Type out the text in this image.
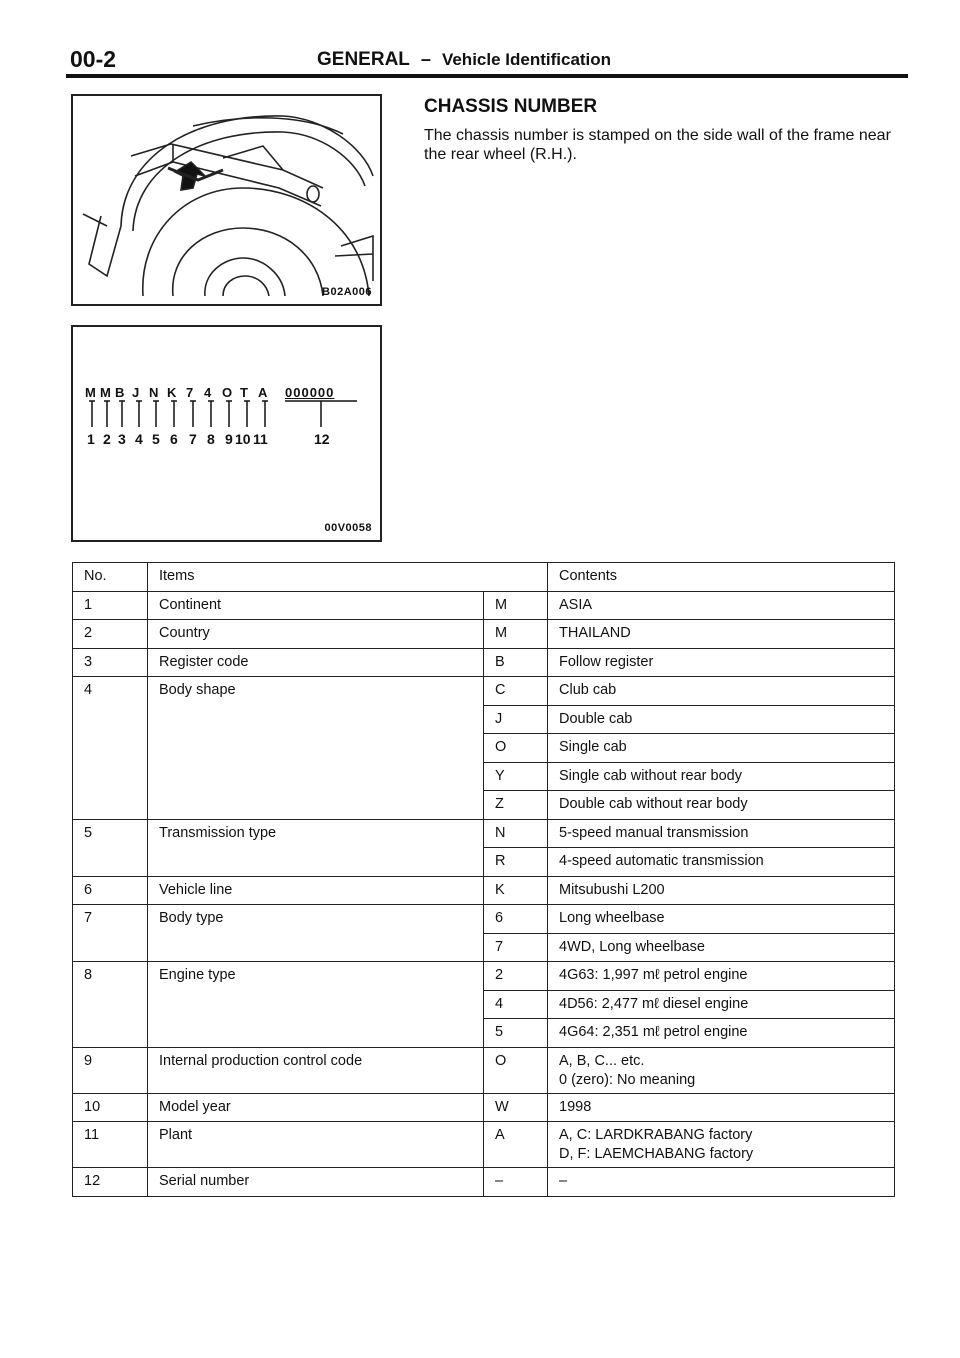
00-2	GENERAL – Vehicle Identification
B02A006
M M B J N K 7 4 O T A 000000
1 2 3 4 5 6 7 8 9 10 11	12
00V0058
CHASSIS NUMBER

The chassis number is stamped on the side wall of the frame near the rear wheel (R.H.).

No.	Items		Contents
1	Continent	M	ASIA
2	Country	M	THAILAND
3	Register code	B	Follow register
4	Body shape	C	Club cab
		J	Double cab
		O	Single cab
		Y	Single cab without rear body
		Z	Double cab without rear body
5	Transmission type	N	5-speed manual transmission
		R	4-speed automatic transmission
6	Vehicle line	K	Mitsubushi L200
7	Body type	6	Long wheelbase
		7	4WD, Long wheelbase
8	Engine type	2	4G63: 1,997 mℓ petrol engine
		4	4D56: 2,477 mℓ diesel engine
		5	4G64: 2,351 mℓ petrol engine
9	Internal production control code	O	A, B, C... etc.
0 (zero): No meaning

10	Model year	W	1998
11	Plant	A	A, C: LARDKRABANG factory
D, F: LAEMCHABANG factory

12	Serial number	–	–
